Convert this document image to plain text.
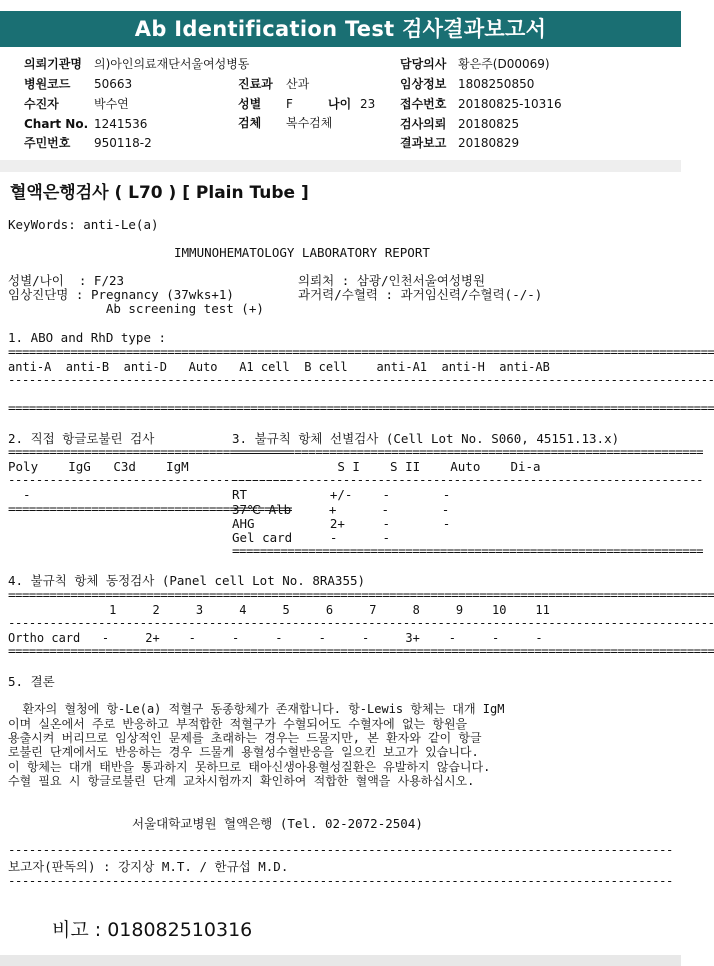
Ab Identification Test 검사결과보고서
의뢰기관명 의)아인의료재단서울여성병동
병원코드 50663
수진자	박수연
Chart No. 1241536
주민번호 950118-2
진료과 산과
성별 F	나이 23
검체 복수검체
담당의사 황은주(D00069)
임상정보 1808250850
접수번호 20180825-10316
검사의뢰 20180825
결과보고 20180829
혈액은행검사 ( L70 ) [ Plain Tube ]
KeyWords: anti-Le(a)
IMMUNOHEMATOLOGY LABORATORY REPORT
성별/나이  : F/23
임상진단명 : Pregnancy (37wks+1)
Ab screening test (+)
의뢰처 : 삼광/인천서울여성병원
과거력/수혈력 : 과거임신력/수혈력(-/-)
1. ABO and RhD type :
======================================================================================================
anti-A  anti-B  anti-D   Auto   A1 cell  B cell    anti-A1  anti-H  anti-AB
------------------------------------------------------------------------------------------------------
======================================================================================================
2. 직접 항글로불린 검사
=========================================
Poly    IgG   C3d    IgM
-----------------------------------------
-
=========================================
3. 불규칙 항체 선별검사 (Cell Lot No. S060, 45151.13.x)
====================================================================
S I    S II    Auto    Di-a
--------------------------------------------------------------------
RT           +/-    -       -
37℃ Alb     +      -       -
AHG          2+     -       -
Gel card     -      -
====================================================================
4. 불규칙 항체 동정검사 (Panel cell Lot No. 8RA355)
======================================================================================================
1     2     3     4     5     6     7     8     9    10    11
------------------------------------------------------------------------------------------------------
Ortho card   -     2+    -     -     -     -     -     3+    -     -     -
======================================================================================================
5. 결론
환자의 혈청에 항-Le(a) 적혈구 동종항체가 존재합니다. 항-Lewis 항체는 대개 IgM
이며 실온에서 주로 반응하고 부적합한 적혈구가 수혈되어도 수혈자에 없는 항원을
용출시켜 버리므로 임상적인 문제를 초래하는 경우는 드물지만, 본 환자와 같이 항글
로불린 단계에서도 반응하는 경우 드물게 용혈성수혈반응을 일으킨 보고가 있습니다.
이 항체는 대개 태반을 통과하지 못하므로 태아신생아용혈성질환은 유발하지 않습니다.
수혈 필요 시 항글로불린 단계 교차시험까지 확인하여 적합한 혈액을 사용하십시오.
서울대학교병원 혈액은행 (Tel. 02-2072-2504)
------------------------------------------------------------------------------------------------
보고자(판독의) : 강지상 M.T. / 한규섭 M.D.
------------------------------------------------------------------------------------------------
비고 : 018082510316
